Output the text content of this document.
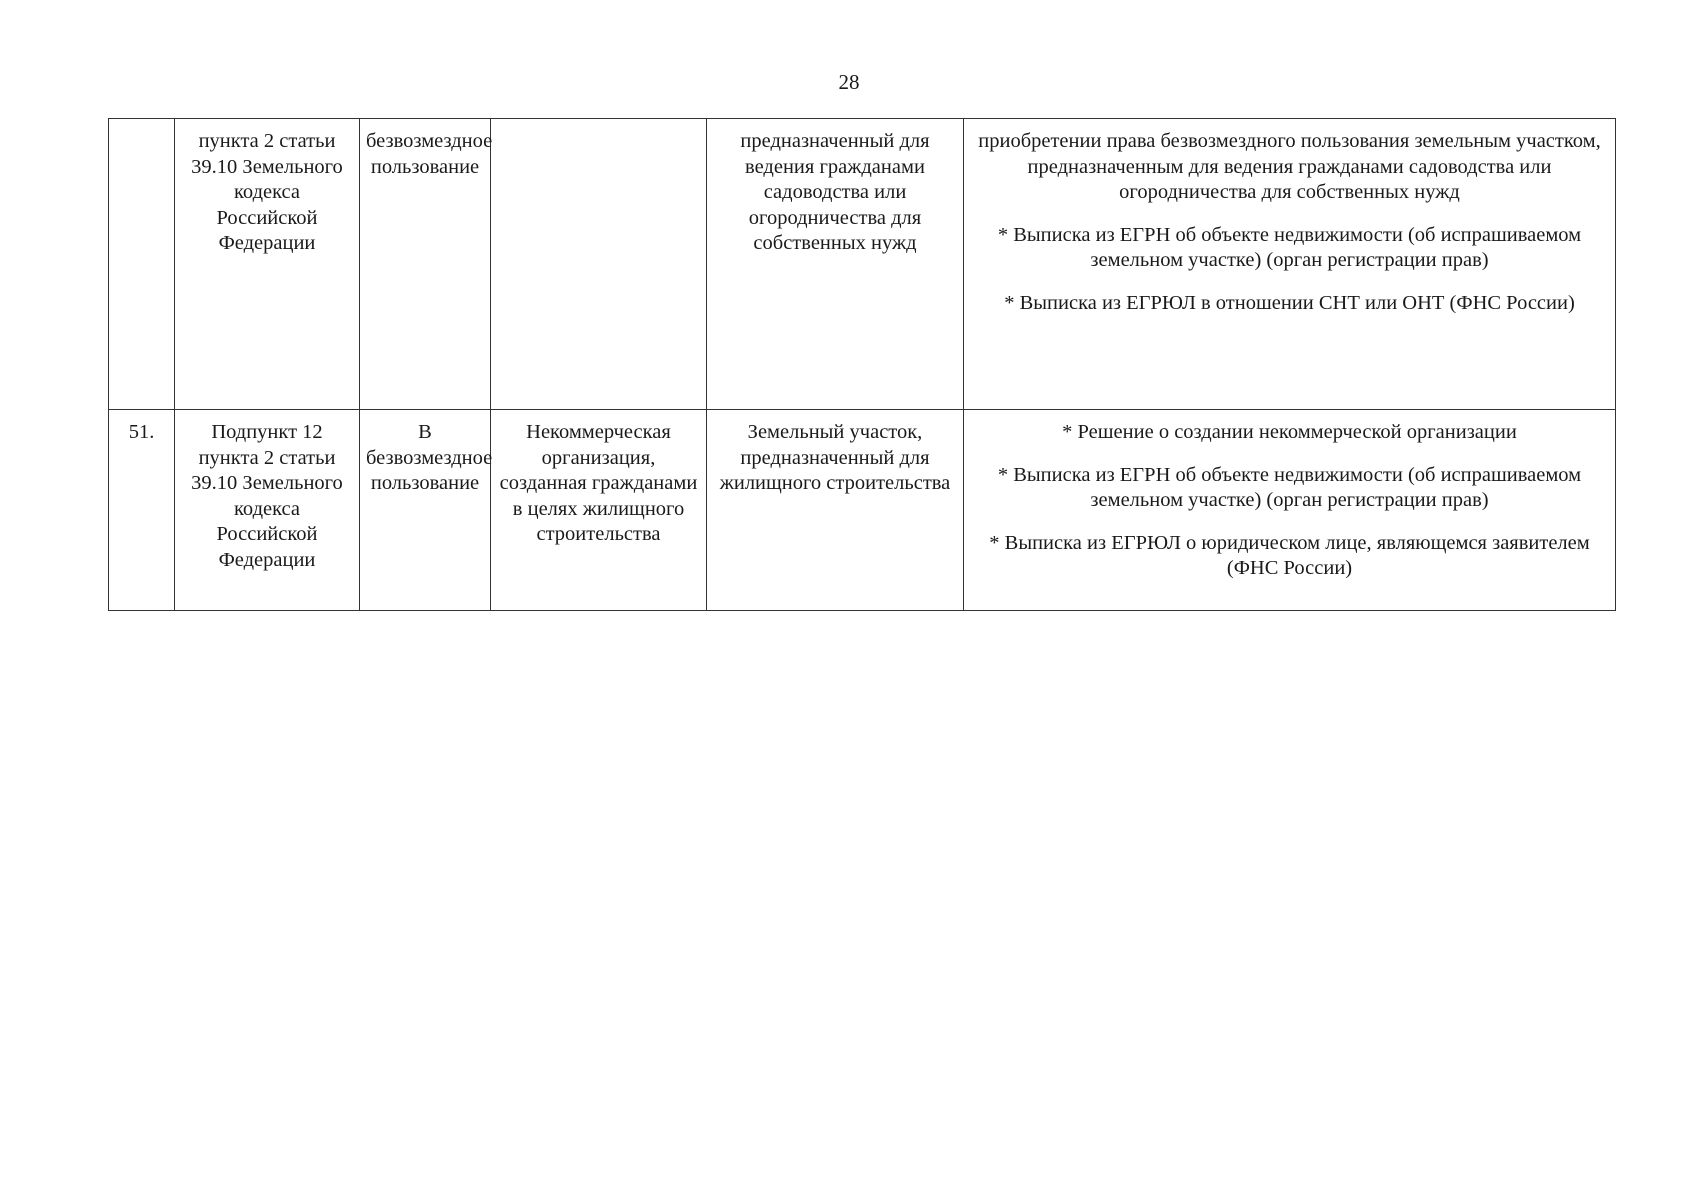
28
	пункта 2 статьи 39.10 Земельного кодекса Российской Федерации	безвозмездное пользование		предназначенный для ведения гражданами садоводства или огородничества для собственных нужд	приобретении права безвозмездного пользования земельным участком, предназначенным для ведения гражданами садоводства или огородничества для собственных нужд
* Выписка из ЕГРН об объекте недвижимости (об испрашиваемом земельном участке) (орган регистрации прав)
* Выписка из ЕГРЮЛ в отношении СНТ или ОНТ (ФНС России)

51.	Подпункт 12 пункта 2 статьи 39.10 Земельного кодекса Российской Федерации	В безвозмездное пользование	Некоммерческая организация, созданная гражданами в целях жилищного строительства	Земельный участок, предназначенный для жилищного строительства	* Решение о создании некоммерческой организации
* Выписка из ЕГРН об объекте недвижимости (об испрашиваемом земельном участке) (орган регистрации прав)
* Выписка из ЕГРЮЛ о юридическом лице, являющемся заявителем (ФНС России)
